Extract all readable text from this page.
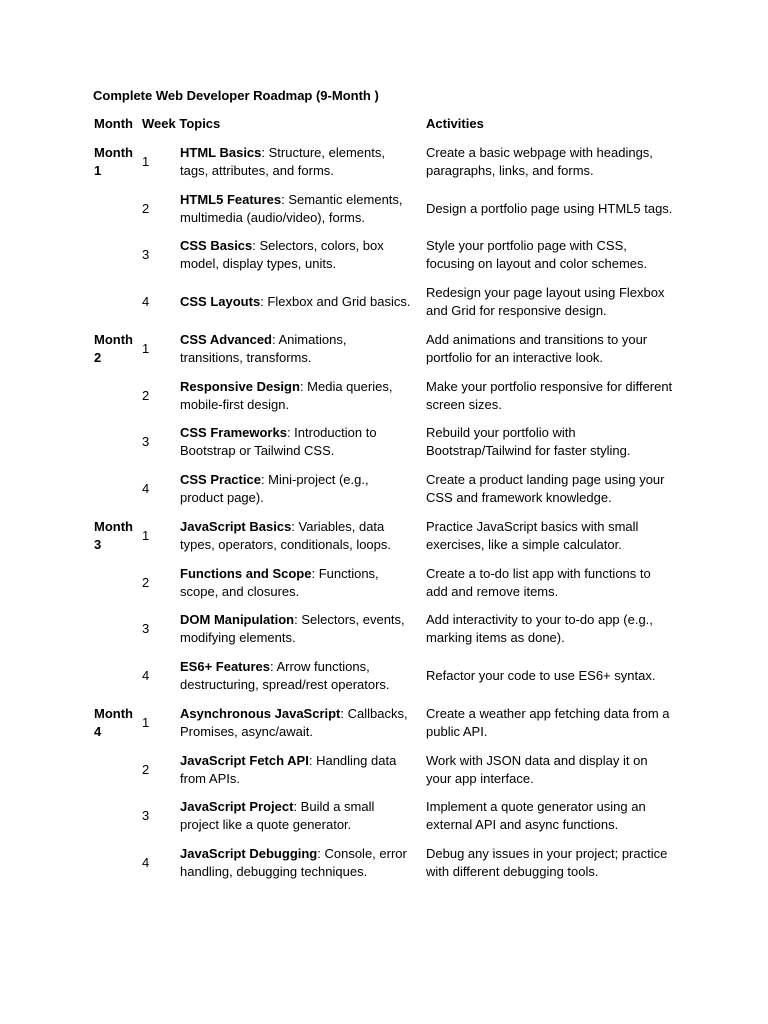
Complete Web Developer Roadmap (9-Month )
Month Week Topics	Activities
Month 1
HTML Basics: Structure, elements, tags, attributes, and forms.
Create a basic webpage with headings, paragraphs, links, and forms.
1
HTML5 Features: Semantic elements, multimedia (audio/video), forms.
Design a portfolio page using HTML5 tags.
2
CSS Basics: Selectors, colors, box model, display types, units.
Style your portfolio page with CSS, focusing on layout and color schemes.
3
CSS Layouts: Flexbox and Grid basics.
Redesign your page layout using Flexbox and Grid for responsive design.
4
Month 2
CSS Advanced: Animations, transitions, transforms.
Add animations and transitions to your portfolio for an interactive look.
1
Responsive Design: Media queries, mobile-first design.
Make your portfolio responsive for different screen sizes.
2
CSS Frameworks: Introduction to Bootstrap or Tailwind CSS.
Rebuild your portfolio with Bootstrap/Tailwind for faster styling.
3
CSS Practice: Mini-project (e.g., product page).
Create a product landing page using your CSS and framework knowledge.
4
Month 3
JavaScript Basics: Variables, data types, operators, conditionals, loops.
Practice JavaScript basics with small exercises, like a simple calculator.
1
Functions and Scope: Functions, scope, and closures.
Create a to-do list app with functions to add and remove items.
2
DOM Manipulation: Selectors, events, modifying elements.
Add interactivity to your to-do app (e.g., marking items as done).
3
ES6+ Features: Arrow functions, destructuring, spread/rest operators.
Refactor your code to use ES6+ syntax.
4
Month 4
Asynchronous JavaScript: Callbacks, Promises, async/await.
Create a weather app fetching data from a public API.
1
JavaScript Fetch API: Handling data from APIs.
Work with JSON data and display it on your app interface.
2
JavaScript Project: Build a small project like a quote generator.
Implement a quote generator using an external API and async functions.
3
JavaScript Debugging: Console, error handling, debugging techniques.
Debug any issues in your project; practice with different debugging tools.
4
